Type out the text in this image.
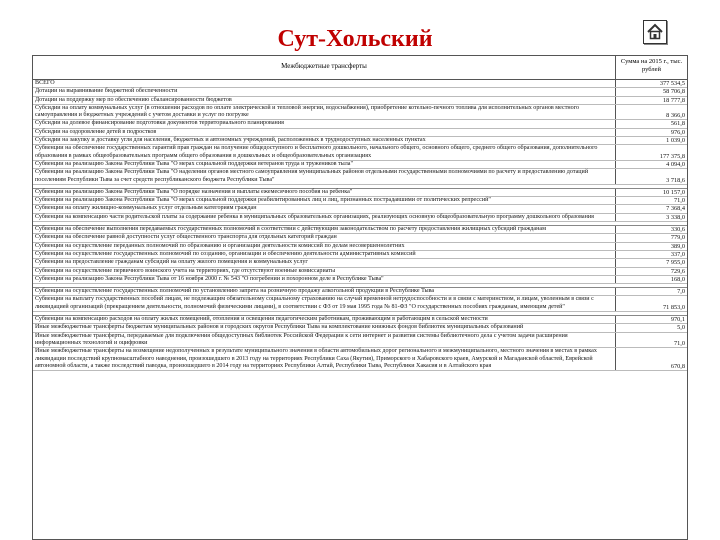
Сут-Хольский
Межбюджетные трансферты
Сумма на 2015 г., тыс. рублей
ВСЕГО	377 534,5
Дотации на выравнивание бюджетной обеспеченности	58 706,8
Дотации на поддержку мер по обеспечению сбалансированности бюджетов	18 777,8
Субсидии на оплату коммунальных услуг (в отношении расходов по оплате электрической и тепловой энергии, водоснабжения), приобретение котельно-печного топлива для исполнительных органов местного самоуправления и бюджетных учреждений с учетом доставки и услуг по погрузке	8 366,0
Субсидии на долевое финансирование подготовки документов территориального планирования	561,8
Субсидии на оздоровление детей в подростков	976,0
Субсидии на закупку и доставку угля для населения, бюджетных и автономных учреждений, расположенных в труднодоступных населенных пунктах	1 039,0
Субвенции на обеспечение государственных гарантий прав граждан на получение общедоступного и бесплатного дошкольного, начального общего, основного общего, среднего общего образования, дополнительного образования в рамках общеобразовательных программ общего образования в дошкольных и общеобразовательных организациях	177 375,8
Субвенции на реализацию Закона Республики Тыва "О мерах социальной поддержки ветеранов труда и тружеников тыла"	4 094,0
Субвенции на реализацию Закона Республики Тыва "О наделении органов местного самоуправления муниципальных районов отдельными государственными полномочиями по расчету и предоставлению дотаций поселениям Республики Тыва за счет средств республиканского бюджета Республики Тыва"	3 718,6
Субвенции на реализацию Закона Республики Тыва "О порядке назначения и выплаты ежемесячного пособия на ребенка"	10 157,0
Субвенции на реализацию Закона Республики Тыва "О мерах социальной поддержки реабилитированных лиц и лиц, признанных пострадавшими от политических репрессий"	71,0
Субвенции на оплату жилищно-коммунальных услуг отдельным категориям граждан	7 368,4
Субвенции на компенсацию части родительской платы за содержание ребенка в муниципальных образовательных организациях, реализующих основную общеобразовательную программу дошкольного образования	3 338,0
Субвенции на обеспечение выполнения передаваемых государственных полномочий в соответствии с действующим законодательством по расчету предоставления жилищных субсидий гражданам	330,6
Субвенции на обеспечение равной доступности услуг общественного транспорта для отдельных категорий граждан	779,0
Субвенции на осуществление переданных полномочий по образованию и организации деятельности комиссий по делам несовершеннолетних	389,0
Субвенции на осуществление государственных полномочий по созданию, организации и обеспечению деятельности административных комиссий	337,0
Субвенции на предоставление гражданам субсидий на оплату жилого помещения и коммунальных услуг	7 955,0
Субвенции на осуществление первичного воинского учета на территориях, где отсутствуют военные комиссариаты	729,6
Субвенции на реализацию Закона Республики Тыва от 16 ноября 2000 г. № 543 "О погребении и похоронном деле в Республике Тыва"	168,0
Субвенции на осуществление государственных полномочий по установлению запрета на розничную продажу алкогольной продукции в Республике Тыва	7,0
Субвенции на выплату государственных пособий лицам, не подлежащим обязательному социальному страхованию на случай временной нетрудоспособности и в связи с материнством, и лицам, уволенным в связи с ликвидацией организаций (прекращением деятельности, полномочий физическими лицами), в соответствии с ФЗ от 19 мая 1995 года № 81-ФЗ "О государственных пособиях гражданам, имеющим детей"	71 853,0
Субвенции на компенсацию расходов на оплату жилых помещений, отопления и освещения педагогическим работникам, проживающим в работающим в сельской местности	970,1
Иные межбюджетные трансферты бюджетам муниципальных районов и городских округов Республики Тыва на комплектование книжных фондов библиотек муниципальных образований	5,0
Иные межбюджетные трансферты, передаваемые для подключения общедоступных библиотек Российской Федерации к сети интернет и развития системы библиотечного дела с учетом задачи расширения информационных технологий и оцифровки	71,0
Иные межбюджетные трансферты на возмещение недополученных в результате муниципального значения в области автомобильных дорог регионального и межмуниципального, местного значения в местах в рамках ликвидации последствий крупномасштабного наводнения, произошедшего в 2013 году на территориях Республики Саха (Якутия), Приморского и Хабаровского краев, Амурской и Магаданской областей, Еврейской автономной области, а также последствий паводка, произошедшего в 2014 году на территориях Республики Алтай, Республики Тыва, Республики Хакасия и в Алтайского края	670,8
